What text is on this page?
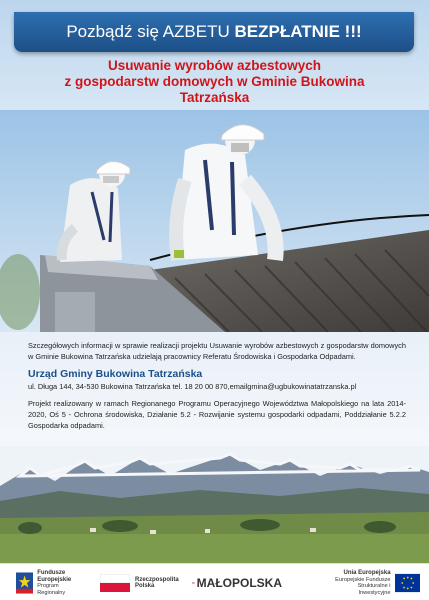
Pozbądź się AZBETU BEZPŁATNIE !!!
Usuwanie wyrobów azbestowych
z gospodarstw domowych w Gminie Bukowina
Tatrzańska

Szczegółowych informacji w sprawie realizacji projektu Usuwanie wyrobów azbestowych z gospodarstw domowych w Gminie Bukowina Tatrzańska udzielają pracownicy Referatu Środowiska i Gospodarka Odpadami.

Urząd Gminy Bukowina Tatrzańska

ul. Długa 144, 34-530 Bukowina Tatrzańska tel. 18 20 00 870,emailgmina@ugbukowinatatrzanska.pl

Projekt realizowany w ramach Regionanego Programu Operacyjnego Województwa Małopolskiego na lata 2014-2020, Oś 5 - Ochrona środowiska, Działanie 5.2 - Rozwijanie systemu gospodarki odpadami, Poddziałanie 5.2.2 Gospodarka odpadami.

Fundusze
Europejskie
Program Regionalny
Rzeczpospolita
Polska	MAŁOPOLSKA
Unia Europejska
Europejskie Fundusze
Strukturalne i Inwestycyjne
